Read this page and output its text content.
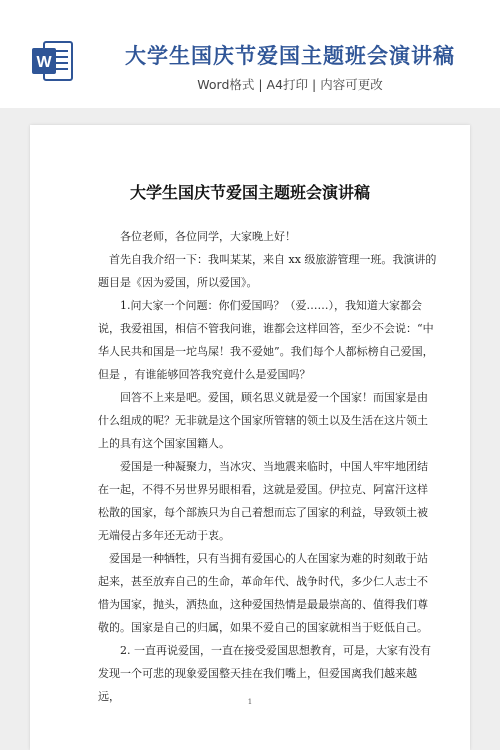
W	大学生国庆节爱国主题班会演讲稿
Word格式 | A4打印 | 内容可更改
大学生国庆节爱国主题班会演讲稿

各位老师，各位同学，大家晚上好！

首先自我介绍一下：我叫某某，来自 xx 级旅游管理一班。我演讲的题目是《因为爱国，所以爱国》。

1.问大家一个问题：你们爱国吗？（爱……），我知道大家都会说，我爱祖国，相信不管我问谁，谁都会这样回答，至少不会说：“中华人民共和国是一坨鸟屎！我不爱她”。我们每个人都标榜自己爱国，但是 ，有谁能够回答我究竟什么是爱国吗？

回答不上来是吧。爱国，顾名思义就是爱一个国家！而国家是由什么组成的呢？无非就是这个国家所管辖的领土以及生活在这片领土上的具有这个国家国籍人。

爱国是一种凝聚力，当冰灾、当地震来临时，中国人牢牢地团结在一起，不得不另世界另眼相看，这就是爱国。伊拉克、阿富汗这样松散的国家，每个部族只为自己着想而忘了国家的利益，导致领土被无端侵占多年还无动于衷。

爱国是一种牺牲，只有当拥有爱国心的人在国家为难的时刻敢于站起来，甚至放弃自己的生命，革命年代、战争时代，多少仁人志士不惜为国家，抛头，洒热血，这种爱国热情是最最崇高的、值得我们尊敬的。国家是自己的归属，如果不爱自己的国家就相当于贬低自己。

2. 一直再说爱国，一直在接受爱国思想教育，可是，大家有没有发现一个可悲的现象爱国整天挂在我们嘴上，但爱国离我们越来越远，	1
